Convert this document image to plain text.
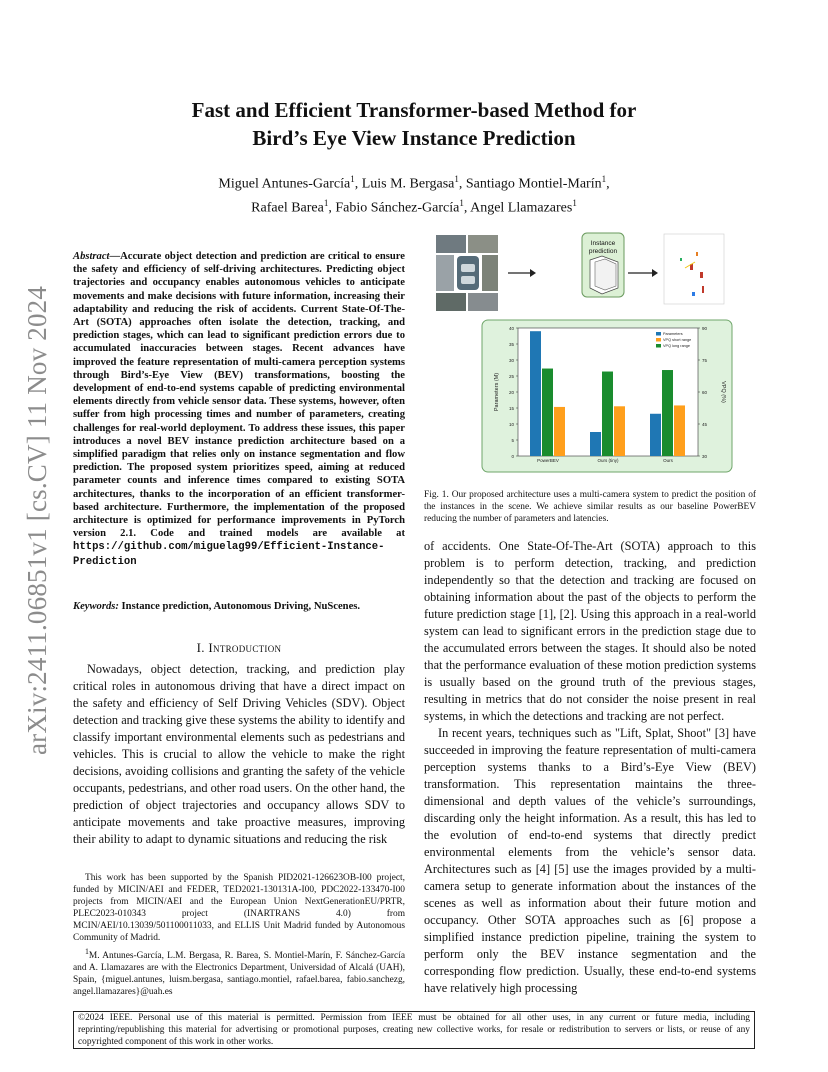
arXiv:2411.06851v1 [cs.CV] 11 Nov 2024
Fast and Efficient Transformer-based Method for
Bird’s Eye View Instance Prediction
Miguel Antunes-García$^1$, Luis M. Bergasa$^1$, Santiago Montiel-Marín$^1$,
Rafael Barea$^1$, Fabio Sánchez-García$^1$, Angel Llamazares$^1$
Abstract—Accurate object detection and prediction are critical to ensure the safety and efficiency of self-driving architectures. Predicting object trajectories and occupancy enables autonomous vehicles to anticipate movements and make decisions with future information, increasing their adaptability and reducing the risk of accidents. Current State-Of-The-Art (SOTA) approaches often isolate the detection, tracking, and prediction stages, which can lead to significant prediction errors due to accumulated inaccuracies between stages. Recent advances have improved the feature representation of multi-camera perception systems through Bird’s-Eye View (BEV) transformations, boosting the development of end-to-end systems capable of predicting environmental elements directly from vehicle sensor data. These systems, however, often suffer from high processing times and number of parameters, creating challenges for real-world deployment. To address these issues, this paper introduces a novel BEV instance prediction architecture based on a simplified paradigm that relies only on instance segmentation and flow prediction. The proposed system prioritizes speed, aiming at reduced parameter counts and inference times compared to existing SOTA architectures, thanks to the incorporation of an efficient transformer-based architecture. Furthermore, the implementation of the proposed architecture is optimized for performance improvements in PyTorch version 2.1. Code and trained models are available at https://github.com/miguelag99/Efficient-Instance-Prediction
Keywords: Instance prediction, Autonomous Driving, NuScenes.
I. Introduction

Nowadays, object detection, tracking, and prediction play critical roles in autonomous driving that have a direct impact on the safety and efficiency of Self Driving Vehicles (SDV). Object detection and tracking give these systems the ability to identify and classify important environmental elements such as pedestrians and vehicles. This is crucial to allow the vehicle to make the right decisions, avoiding collisions and granting the safety of the vehicle occupants, pedestrians, and other road users. On the other hand, the prediction of object trajectories and occupancy allows SDV to anticipate movements and take proactive measures, improving their ability to adapt to dynamic situations and reducing the risk

This work has been supported by the Spanish PID2021-126623OB-I00 project, funded by MICIN/AEI and FEDER, TED2021-130131A-I00, PDC2022-133470-I00 projects from MICIN/AEI and the European Union NextGenerationEU/PRTR, PLEC2023-010343 project (INARTRANS 4.0) from MCIN/AEI/10.13039/501100011033, and ELLIS Unit Madrid funded by Autonomous Community of Madrid.

$^1$M. Antunes-García, L.M. Bergasa, R. Barea, S. Montiel-Marín, F. Sánchez-García and A. Llamazares are with the Electronics Department, Universidad of Alcalá (UAH), Spain, {miguel.antunes, luism.bergasa, santiago.montiel, rafael.barea, fabio.sanchezg, angel.llamazares}@uah.es

Instance
prediction
0
5
10
15
20
25
30
35
40
30
45
60
75
90
Parameters (M)	VPQ (%)
PowerBEV	Ours (tiny)	Ours
Parameters
VPQ short range
VPQ long range
Fig. 1. Our proposed architecture uses a multi-camera system to predict the position of the instances in the scene. We achieve similar results as our baseline PowerBEV reducing the number of parameters and latencies.

of accidents. One State-Of-The-Art (SOTA) approach to this problem is to perform detection, tracking, and prediction independently so that the detection and tracking are focused on obtaining information about the past of the objects to perform the future prediction stage [1], [2]. Using this approach in a real-world system can lead to significant errors in the prediction stage due to the accumulated errors between the stages. It should also be noted that the performance evaluation of these motion prediction systems is usually based on the ground truth of the previous stages, resulting in metrics that do not consider the noise present in real systems, in which the detections and tracking are not perfect.

In recent years, techniques such as "Lift, Splat, Shoot" [3] have succeeded in improving the feature representation of multi-camera perception systems thanks to a Bird’s-Eye View (BEV) transformation. This representation maintains the three-dimensional and depth values of the vehicle’s surroundings, discarding only the height information. As a result, this has led to the evolution of end-to-end systems that directly predict environmental elements from the vehicle’s sensor data. Architectures such as [4] [5] use the images provided by a multi-camera setup to generate information about the instances of the scenes as well as information about their future motion and occupancy. Other SOTA approaches such as [6] propose a simplified instance prediction pipeline, training the system to perform only the BEV instance segmentation and the corresponding flow prediction. Usually, these end-to-end systems have relatively high processing

©2024 IEEE. Personal use of this material is permitted. Permission from IEEE must be obtained for all other uses, in any current or future media, including reprinting/republishing this material for advertising or promotional purposes, creating new collective works, for resale or redistribution to servers or lists, or reuse of any copyrighted component of this work in other works.
